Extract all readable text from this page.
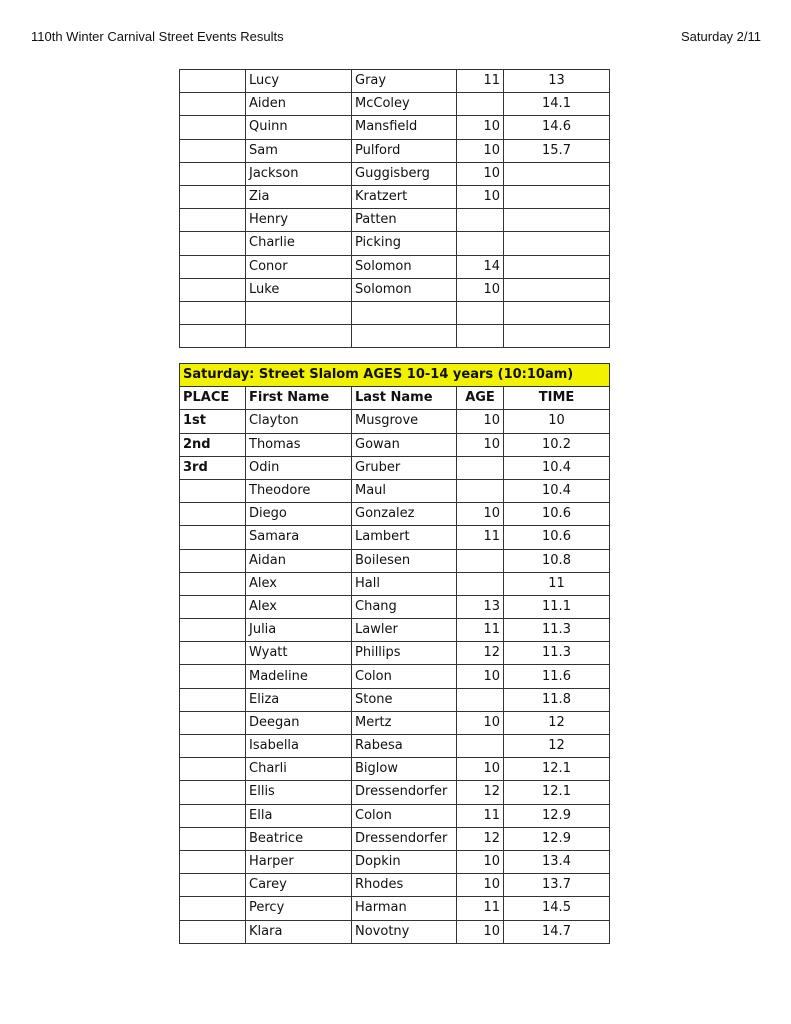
110th Winter Carnival Street Events Results	Saturday 2/11
	Lucy	Gray	11	13
	Aiden	McColey		14.1
	Quinn	Mansfield	10	14.6
	Sam	Pulford	10	15.7
	Jackson	Guggisberg	10	
	Zia	Kratzert	10	
	Henry	Patten		
	Charlie	Picking		
	Conor	Solomon	14	
	Luke	Solomon	10	

Saturday: Street Slalom AGES 10-14 years (10:10am)				
PLACE	First Name	Last Name	AGE	TIME
1st	Clayton	Musgrove	10	10
2nd	Thomas	Gowan	10	10.2
3rd	Odin	Gruber		10.4
	Theodore	Maul		10.4
	Diego	Gonzalez	10	10.6
	Samara	Lambert	11	10.6
	Aidan	Boilesen		10.8
	Alex	Hall		11
	Alex	Chang	13	11.1
	Julia	Lawler	11	11.3
	Wyatt	Phillips	12	11.3
	Madeline	Colon	10	11.6
	Eliza	Stone		11.8
	Deegan	Mertz	10	12
	Isabella	Rabesa		12
	Charli	Biglow	10	12.1
	Ellis	Dressendorfer	12	12.1
	Ella	Colon	11	12.9
	Beatrice	Dressendorfer	12	12.9
	Harper	Dopkin	10	13.4
	Carey	Rhodes	10	13.7
	Percy	Harman	11	14.5
	Klara	Novotny	10	14.7
